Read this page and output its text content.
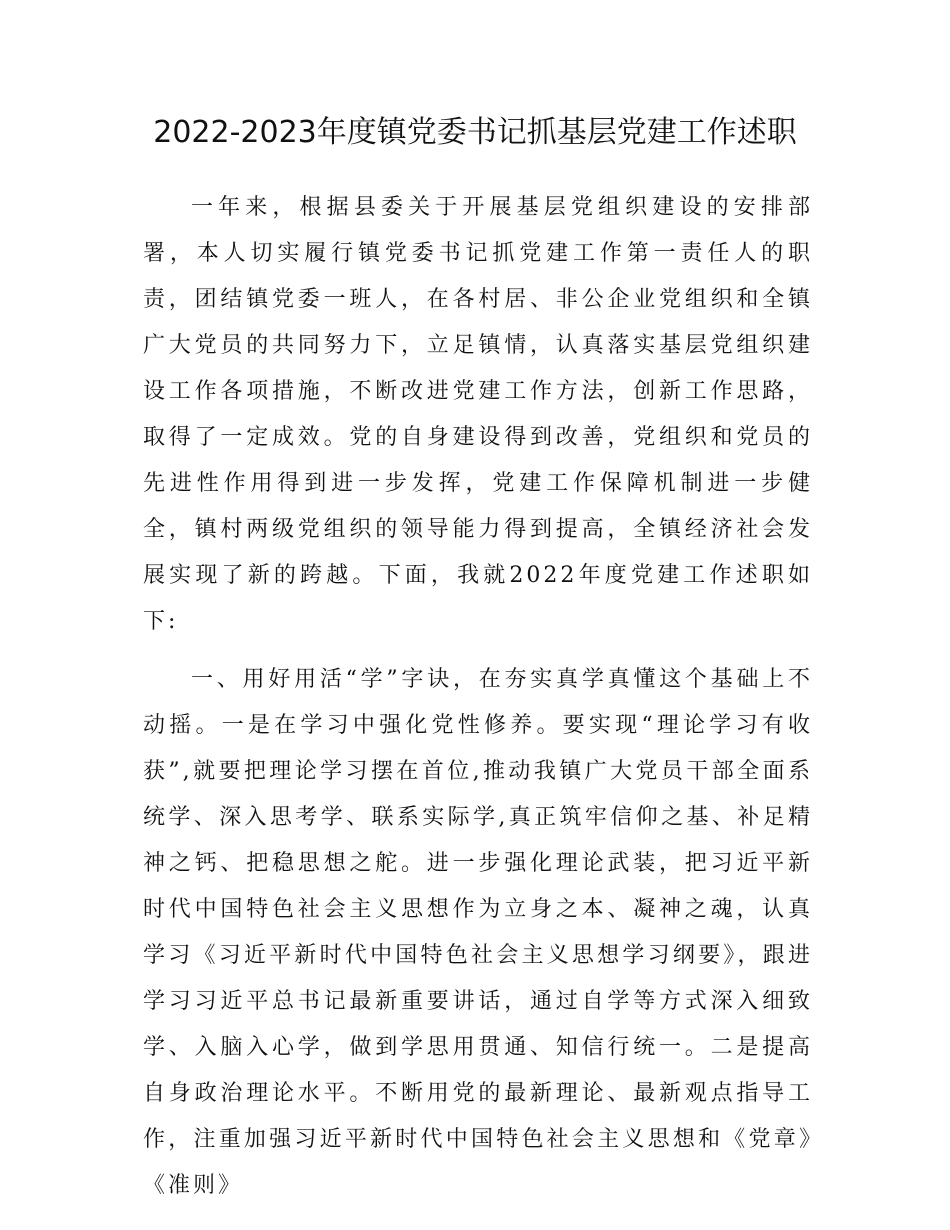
2022-2023年度镇党委书记抓基层党建工作述职

一年来，根据县委关于开展基层党组织建设的安排部署，本人切实履行镇党委书记抓党建工作第一责任人的职责，团结镇党委一班人，在各村居、非公企业党组织和全镇广大党员的共同努力下，立足镇情，认真落实基层党组织建设工作各项措施，不断改进党建工作方法，创新工作思路，取得了一定成效。党的自身建设得到改善，党组织和党员的先进性作用得到进一步发挥，党建工作保障机制进一步健全，镇村两级党组织的领导能力得到提高，全镇经济社会发展实现了新的跨越。下面，我就2022年度党建工作述职如下:

一、用好用活“学”字诀，在夯实真学真懂这个基础上不动摇。一是在学习中强化党性修养。要实现“理论学习有收获”,就要把理论学习摆在首位,推动我镇广大党员干部全面系统学、深入思考学、联系实际学,真正筑牢信仰之基、补足精神之钙、把稳思想之舵。进一步强化理论武装，把习近平新时代中国特色社会主义思想作为立身之本、凝神之魂，认真学习《习近平新时代中国特色社会主义思想学习纲要》，跟进学习习近平总书记最新重要讲话，通过自学等方式深入细致学、入脑入心学，做到学思用贯通、知信行统一。二是提高自身政治理论水平。不断用党的最新理论、最新观点指导工作，注重加强习近平新时代中国特色社会主义思想和《党章》《准则》
